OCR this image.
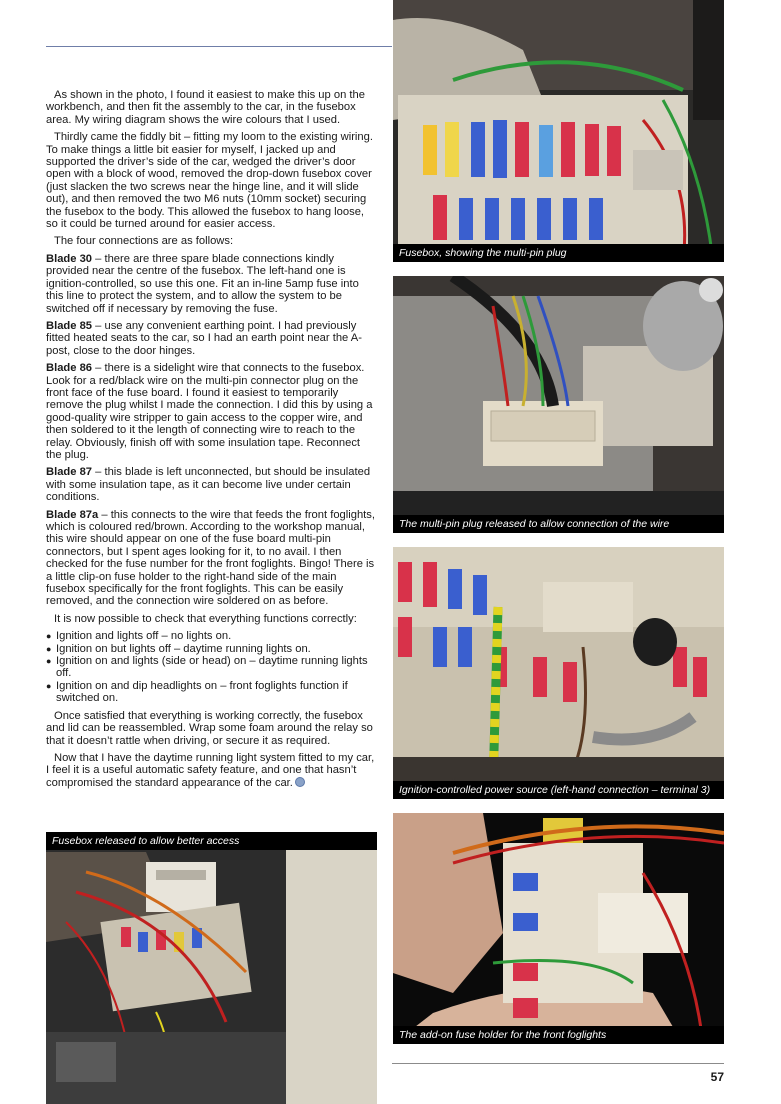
As shown in the photo, I found it easiest to make this up on the workbench, and then fit the assembly to the car, in the fusebox area. My wiring diagram shows the wire colours that I used.

Thirdly came the fiddly bit – fitting my loom to the existing wiring. To make things a little bit easier for myself, I jacked up and supported the driver’s side of the car, wedged the driver’s door open with a block of wood, removed the drop-down fusebox cover (just slacken the two screws near the hinge line, and it will slide out), and then removed the two M6 nuts (10mm socket) securing the fusebox to the body. This allowed the fusebox to hang loose, so it could be turned around for easier access.

The four connections are as follows:

Blade 30 – there are three spare blade connections kindly provided near the centre of the fusebox. The left-hand one is ignition-controlled, so use this one. Fit an in-line 5amp fuse into this line to protect the system, and to allow the system to be switched off if necessary by removing the fuse.

Blade 85 – use any convenient earthing point. I had previously fitted heated seats to the car, so I had an earth point near the A-post, close to the door hinges.

Blade 86 – there is a sidelight wire that connects to the fusebox. Look for a red/black wire on the multi-pin connector plug on the front face of the fuse board. I found it easiest to temporarily remove the plug whilst I made the connection. I did this by using a good-quality wire stripper to gain access to the copper wire, and then soldered to it the length of connecting wire to reach to the relay. Obviously, finish off with some insulation tape. Reconnect the plug.

Blade 87 – this blade is left unconnected, but should be insulated with some insulation tape, as it can become live under certain conditions.

Blade 87a – this connects to the wire that feeds the front foglights, which is coloured red/brown. According to the workshop manual, this wire should appear on one of the fuse board multi-pin connectors, but I spent ages looking for it, to no avail. I then checked for the fuse number for the front foglights. Bingo! There is a little clip-on fuse holder to the right-hand side of the main fusebox specifically for the front foglights. This can be easily removed, and the connection wire soldered on as before.

It is now possible to check that everything functions correctly:

● Ignition and lights off – no lights on.
● Ignition on but lights off – daytime running lights on.
● Ignition on and lights (side or head) on – daytime running lights off.
● Ignition on and dip headlights on – front foglights function if switched on.

Once satisfied that everything is working correctly, the fusebox and lid can be reassembled. Wrap some foam around the relay so that it doesn’t rattle when driving, or secure it as required.

Now that I have the daytime running light system fitted to my car, I feel it is a useful automatic safety feature, and one that hasn’t compromised the standard appearance of the car.

Fusebox, showing the multi-pin plug
The multi-pin plug released to allow connection of the wire
Ignition-controlled power source (left-hand connection – terminal 3)
The add-on fuse holder for the front foglights
Fusebox released to allow better access
57
